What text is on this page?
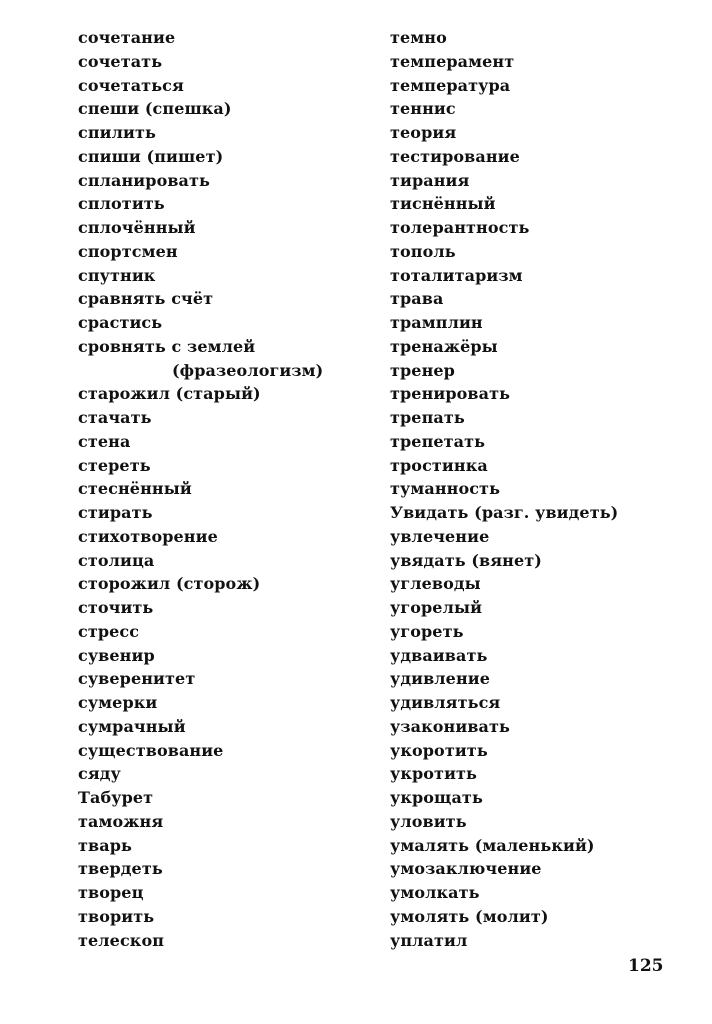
сочетание
сочетать
сочетаться
спеши (спешка)
спилить
спиши (пишет)
спланировать
сплотить
сплочённый
спортсмен
спутник
сравнять счёт
срастись
сровнять с землей
(фразеологизм)
старожил (старый)
стачать
стена
стереть
стеснённый
стирать
стихотворение
столица
сторожил (сторож)
сточить
стресс
сувенир
суверенитет
сумерки
сумрачный
существование
сяду
Табурет
таможня
тварь
твердеть
творец
творить
телескоп
темно
темперамент
температура
теннис
теория
тестирование
тирания
тиснённый
толерантность
тополь
тоталитаризм
трава
трамплин
тренажёры
тренер
тренировать
трепать
трепетать
тростинка
туманность
Увидать (разг. увидеть)
увлечение
увядать (вянет)
углеводы
угорелый
угореть
удваивать
удивление
удивляться
узаконивать
укоротить
укротить
укрощать
уловить
умалять (маленький)
умозаключение
умолкать
умолять (молит)
уплатил
125
